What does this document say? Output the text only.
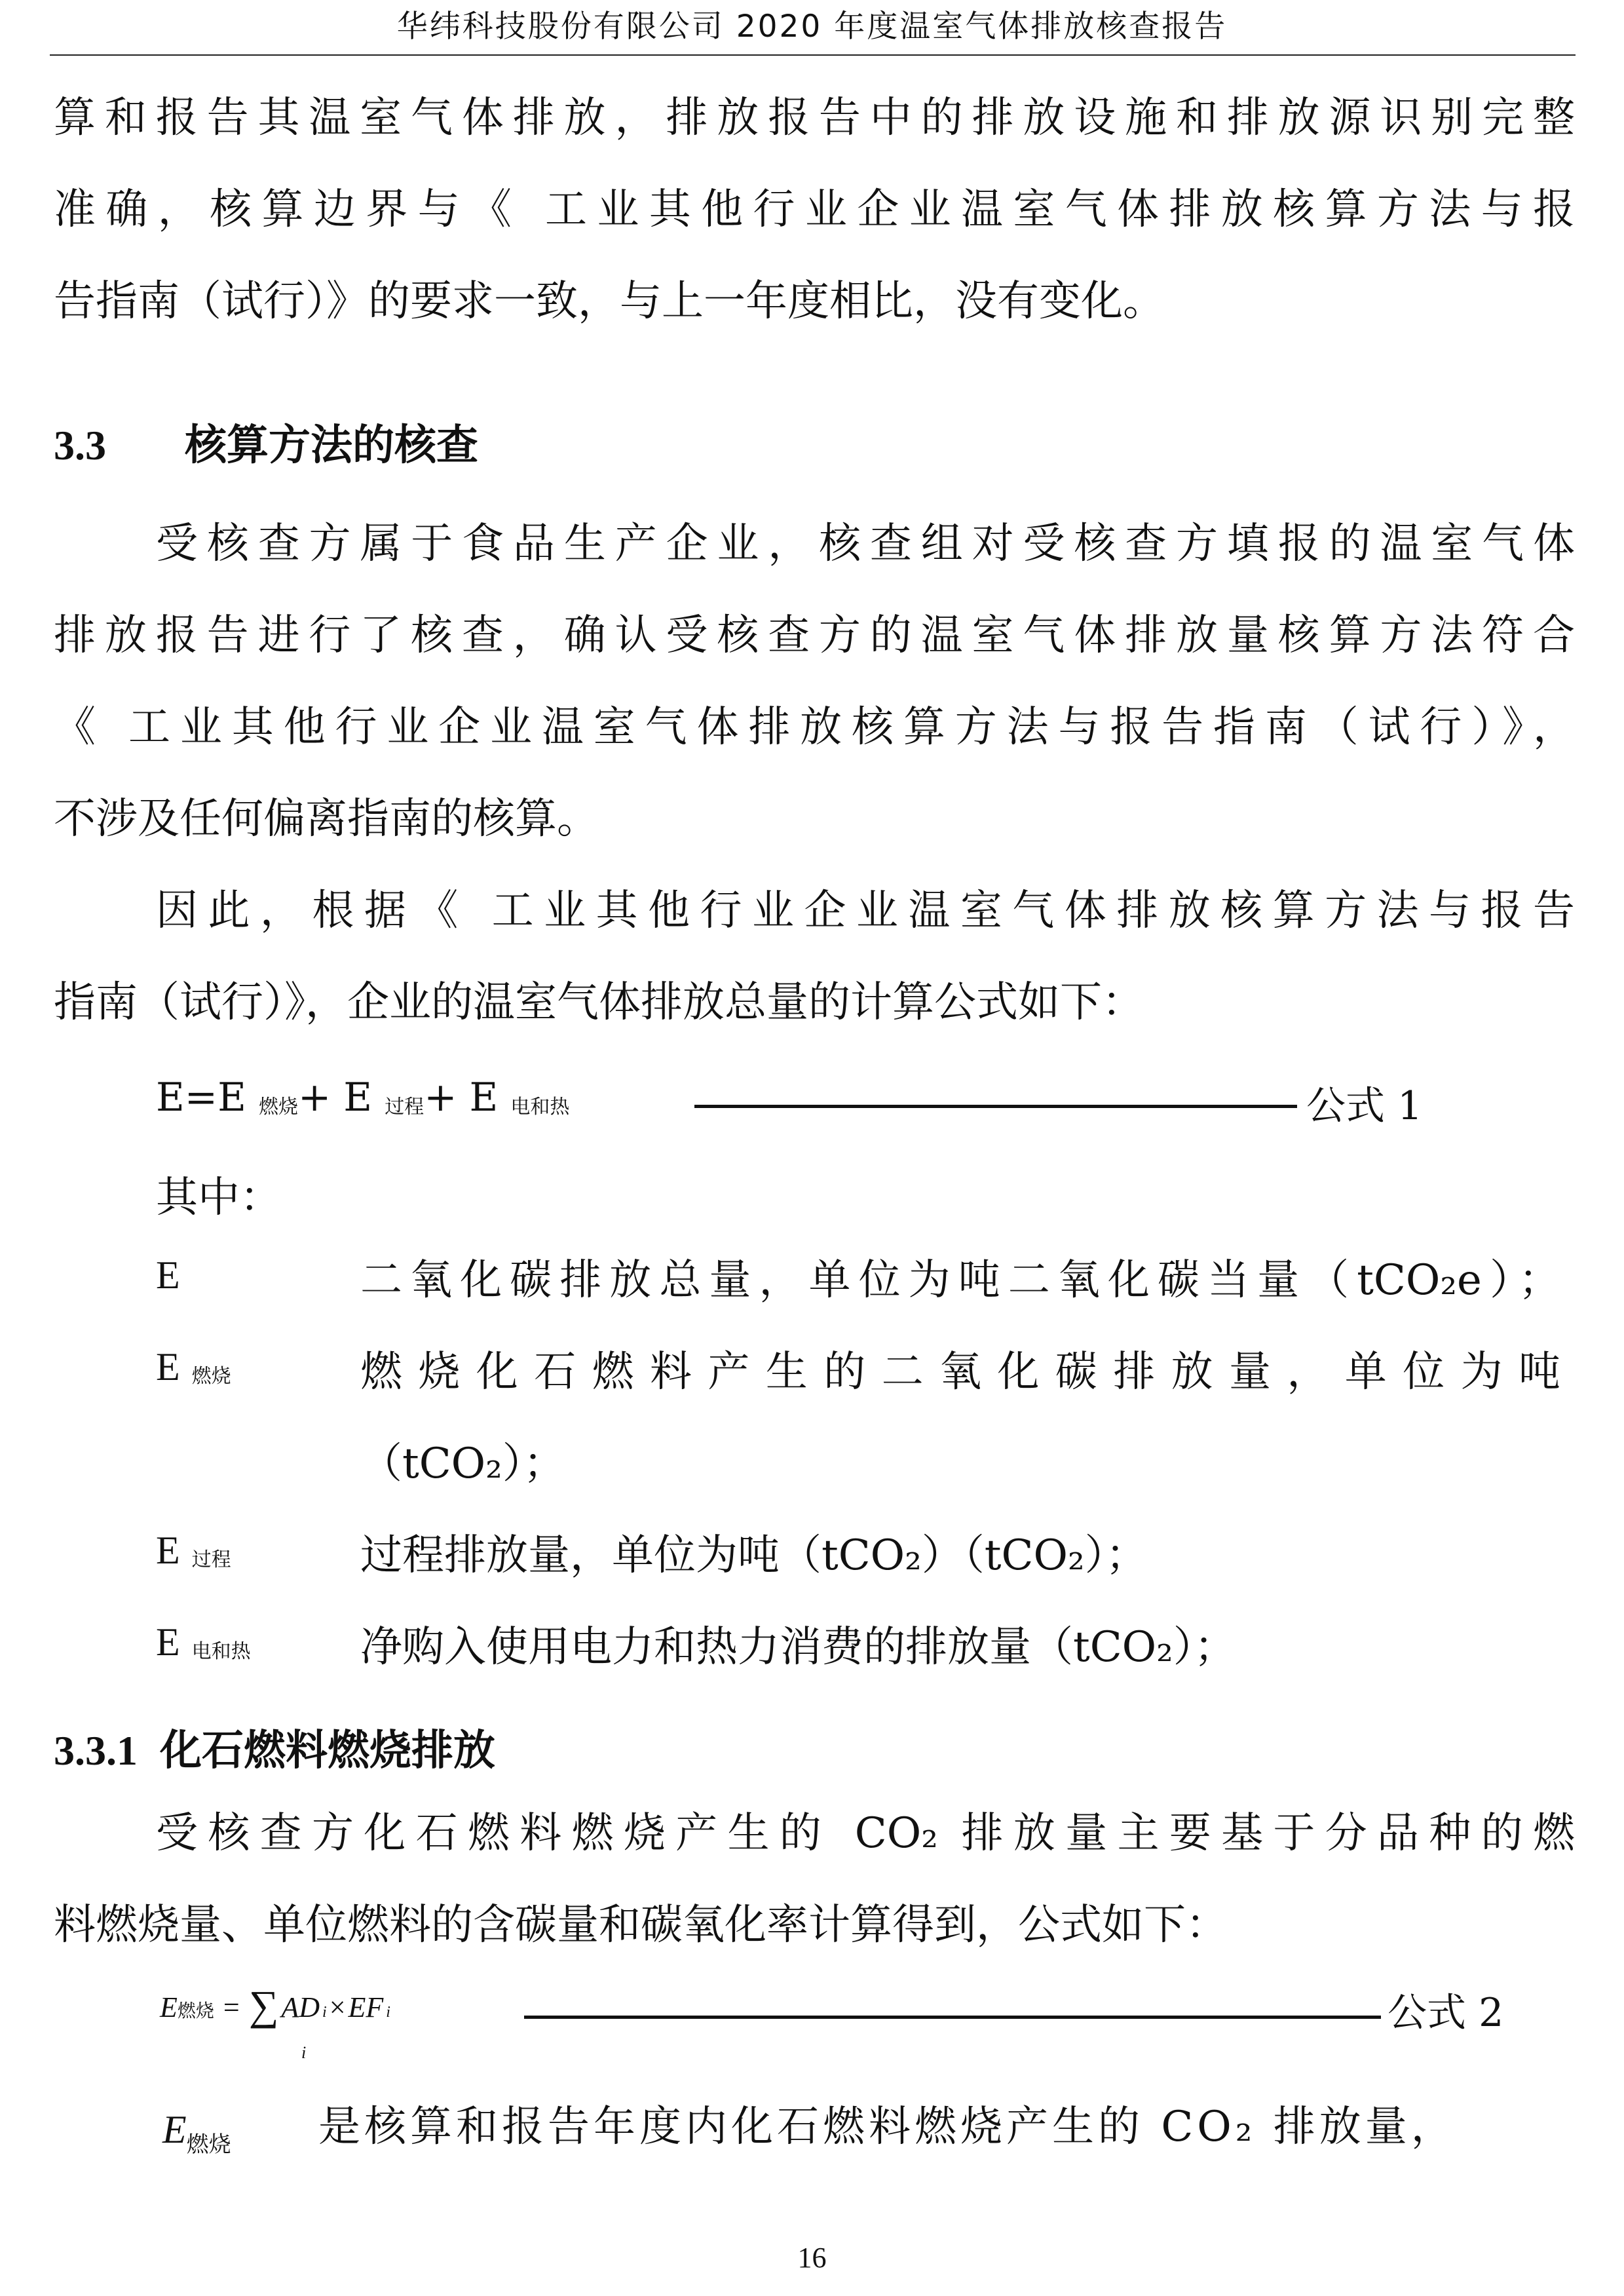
华纬科技股份有限公司 2020 年度温室气体排放核查报告
算和报告其温室气体排放，排放报告中的排放设施和排放源识别完整
准确，核算边界与《 工业其他行业企业温室气体排放核算方法与报
告指南（试行）》的要求一致，与上一年度相比，没有变化。
3.3 核算方法的核查
受核查方属于食品生产企业，核查组对受核查方填报的温室气体
排放报告进行了核查，确认受核查方的温室气体排放量核算方法符合
《 工业其他行业企业温室气体排放核算方法与报告指南（试行）》，
不涉及任何偏离指南的核算。
因此，根据《 工业其他行业企业温室气体排放核算方法与报告
指南（试行）》，企业的温室气体排放总量的计算公式如下：
E=E 燃烧+ E 过程+ E 电和热	公式 1
其中：
E	二氧化碳排放总量，单位为吨二氧化碳当量（tCO₂e）；
E燃烧	燃烧化石燃料产生的二氧化碳排放量，单位为吨
（tCO₂）；
E过程	过程排放量，单位为吨（tCO₂）（tCO₂）；
E电和热	净购入使用电力和热力消费的排放量（tCO₂）；
3.3.1 化石燃料燃烧排放
受核查方化石燃料燃烧产生的 CO₂ 排放量主要基于分品种的燃
料燃烧量、单位燃料的含碳量和碳氧化率计算得到，公式如下：
E燃烧 = ∑
i
AD i × EF i	公式 2
E燃烧 是核算和报告年度内化石燃料燃烧产生的 CO₂ 排放量，
16
